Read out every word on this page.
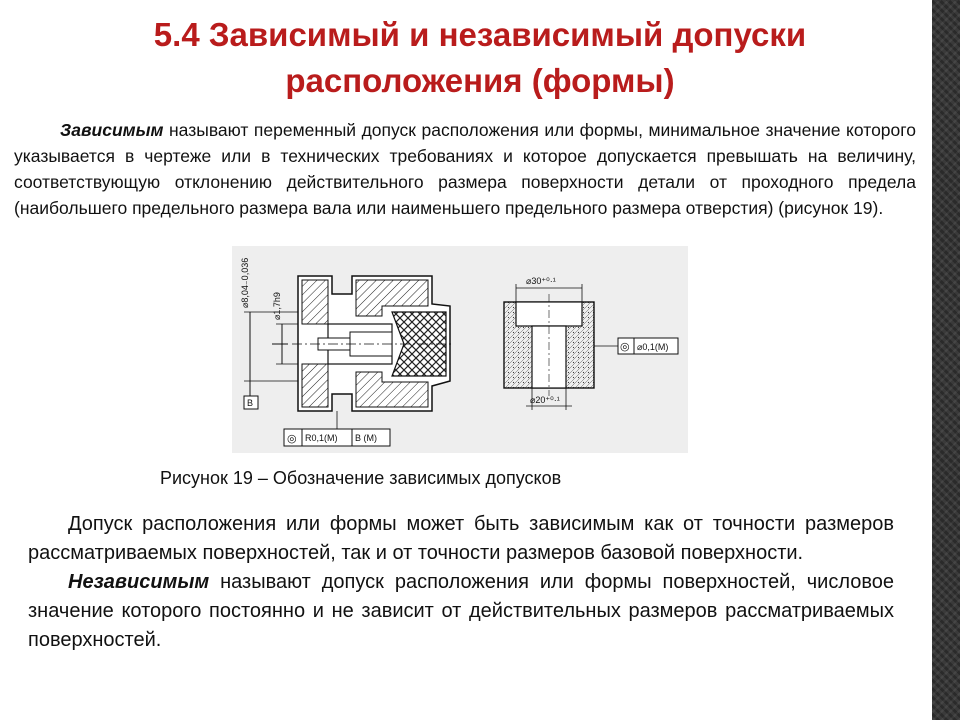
5.4 Зависимый и независимый допуски
расположения (формы)
Зависимым называют переменный допуск расположения или формы, минимальное значение которого указывается в чертеже или в технических требованиях и которое допускается превышать на величину, соответствующую отклонению действительного размера поверхности детали от проходного предела (наибольшего предельного размера вала или наименьшего предельного размера отверстия) (рисунок 19).
⌀8,04₋0,036 ⌀1,7h9
B
◎ R0,1(M) B (M)
⌀30⁺⁰·¹
⌀20⁺⁰·¹
◎ ⌀0,1(M)
Рисунок 19 – Обозначение зависимых допусков

Допуск расположения или формы может быть зависимым как от точности размеров рассматриваемых поверхностей, так и от точности размеров базовой поверхности.

Независимым называют допуск расположения или формы поверхностей, числовое значение которого постоянно и не зависит от действительных размеров рассматриваемых поверхностей.
